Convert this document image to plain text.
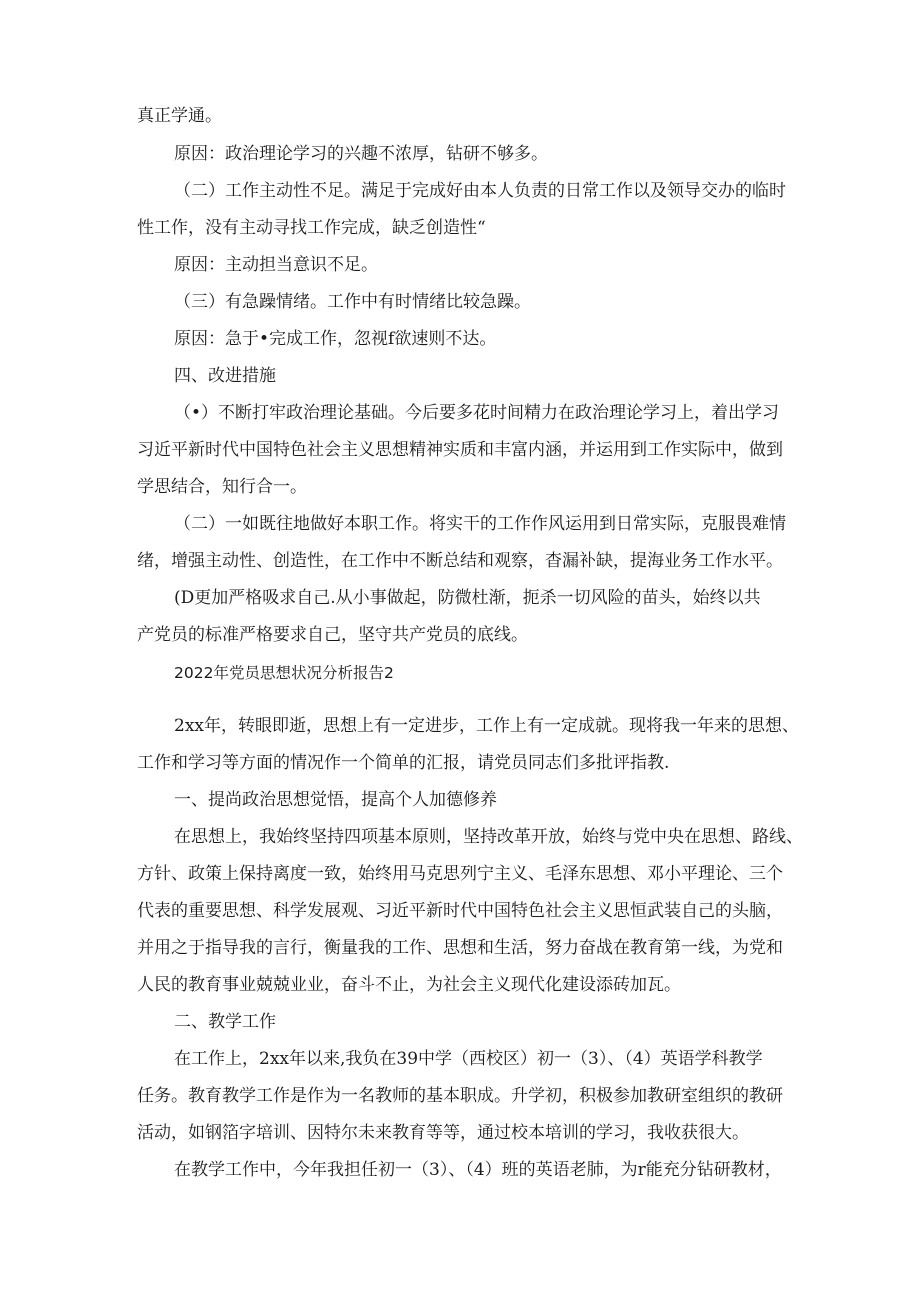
真正学通。
原因：政治理论学习的兴趣不浓厚，钻研不够多。
（二）工作主动性不足。满足于完成好由本人负责的日常工作以及领导交办的临时
性工作，没有主动寻找工作完成，缺乏创造性“
原因：主动担当意识不足。
（三）有急躁情绪。工作中有时情绪比较急躁。
原因：急于•完成工作，忽视f欲速则不达。
四、改进措施
（•）不断打牢政治理论基础。今后要多花时间精力在政治理论学习上，着出学习
习近平新时代中国特色社会主义思想精神实质和丰富内涵，并运用到工作实际中，做到
学思结合，知行合一。
（二）一如既往地做好本职工作。将实干的工作作风运用到日常实际，克服畏难情
绪，增强主动性、创造性，在工作中不断总结和观察，杳漏补缺，提海业务工作水平。
(D更加严格吸求自己.从小事做起，防微杜渐，扼杀一切风险的苗头，始终以共
产党员的标准严格要求自己，坚守共产党员的底线。
2022年党员思想状况分析报告2
2xx年，转眼即逝，思想上有一定进步，工作上有一定成就。现将我一年来的思想、
工作和学习等方面的情况作一个简单的汇报，请党员同志们多批评指教.
一、提尚政治思想觉悟，提高个人加德修养
在思想上，我始终坚持四项基本原则，坚持改革开放，始终与党中央在思想、路线、
方针、政策上保持离度一致，始终用马克思列宁主义、毛泽东思想、邓小平理论、三个
代表的重要思想、科学发展观、习近平新时代中国特色社会主义思恒武装自己的头脑，
并用之于指导我的言行，衡量我的工作、思想和生活，努力奋战在教育第一线，为党和
人民的教育事业兢兢业业，奋斗不止，为社会主义现代化建设添砖加瓦。
二、教学工作
在工作上，2xx年以来,我负在39中学（西校区）初一（3）、（4）英语学科教学
任务。教育教学工作是作为一名教师的基本职成。升学初，积极参加教研室组织的教研
活动，如钢箔字培训、因特尔未来教育等等，通过校本培训的学习，我收获很大。
在教学工作中，今年我担任初一（3）、（4）班的英语老肺，为r能充分钻研教材，
